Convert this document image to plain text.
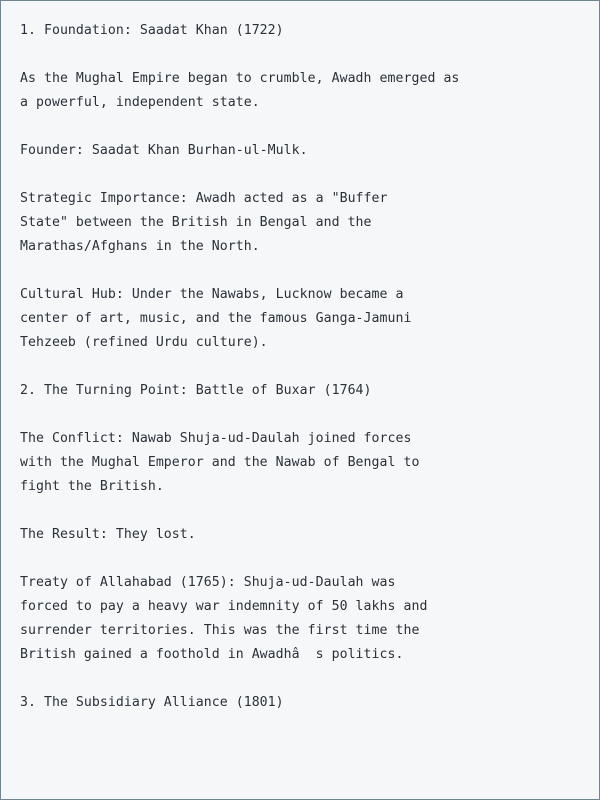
1. Foundation: Saadat Khan (1722)
As the Mughal Empire began to crumble, Awadh emerged as
a powerful, independent state.
Founder: Saadat Khan Burhan-ul-Mulk.
Strategic Importance: Awadh acted as a "Buffer
State" between the British in Bengal and the
Marathas/Afghans in the North.
Cultural Hub: Under the Nawabs, Lucknow became a
center of art, music, and the famous Ganga-Jamuni
Tehzeeb (refined Urdu culture).
2. The Turning Point: Battle of Buxar (1764)
The Conflict: Nawab Shuja-ud-Daulah joined forces
with the Mughal Emperor and the Nawab of Bengal to
fight the British.
The Result: They lost.
Treaty of Allahabad (1765): Shuja-ud-Daulah was
forced to pay a heavy war indemnity of 50 lakhs and
surrender territories. This was the first time the
British gained a foothold in Awadhâ  s politics.
3. The Subsidiary Alliance (1801)
